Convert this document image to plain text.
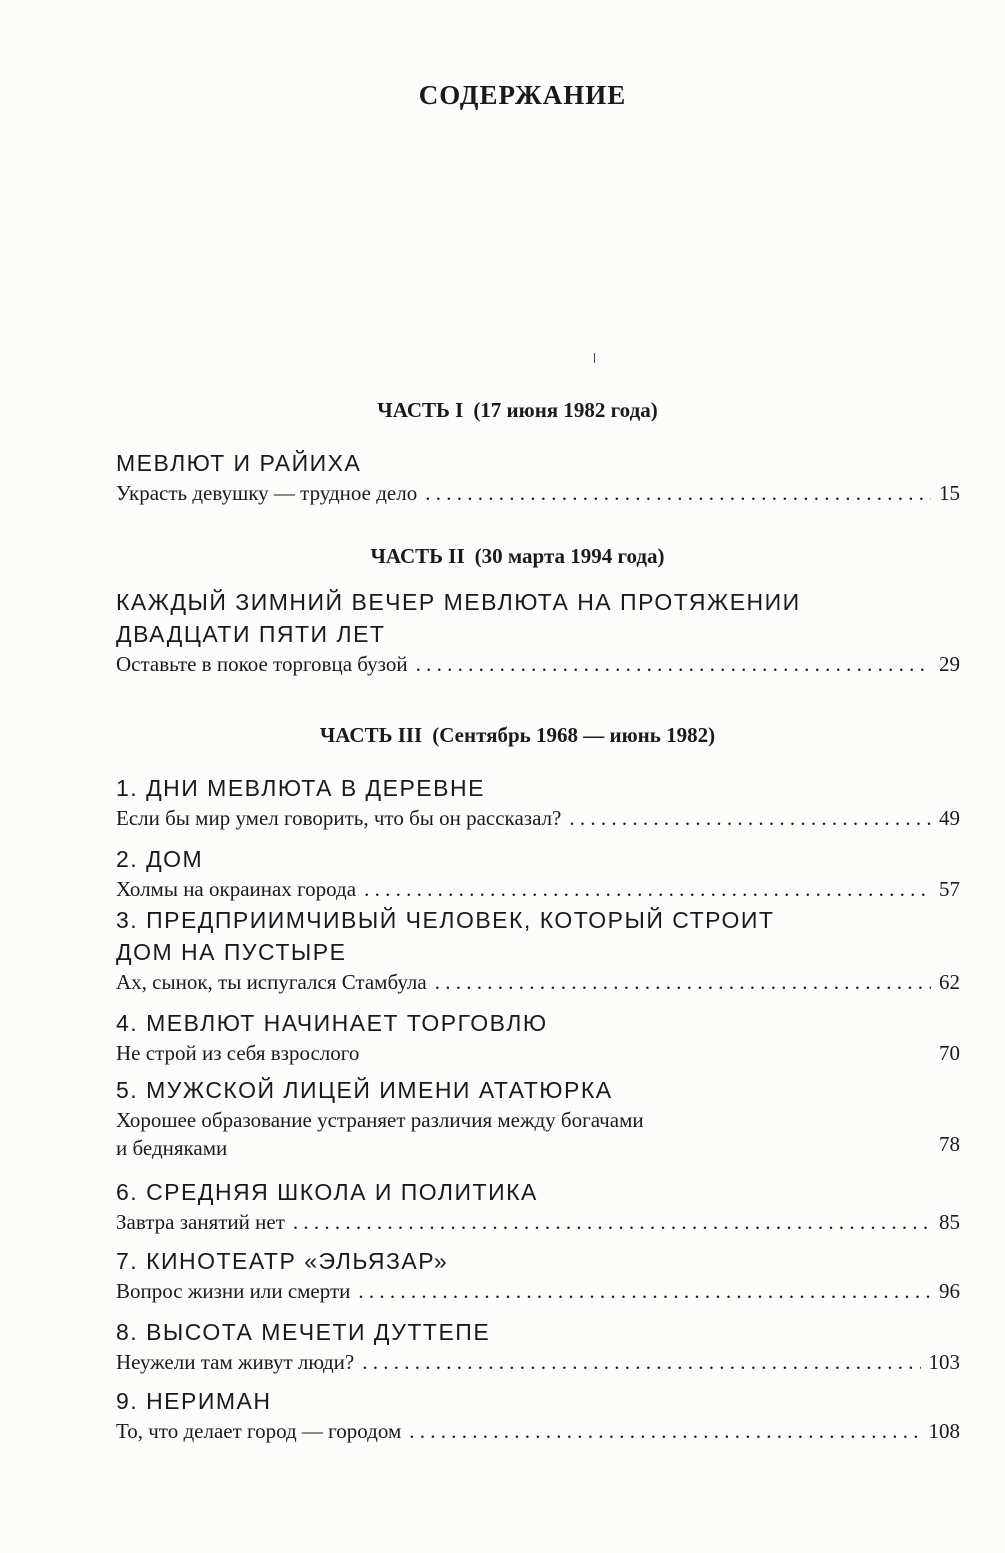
СОДЕРЖАНИЕ
ЧАСТЬ I (17 июня 1982 года)
МЕВЛЮТ И РАЙИХА
Украсть девушку — трудное дело . . .	15
ЧАСТЬ II (30 марта 1994 года)
КАЖДЫЙ ЗИМНИЙ ВЕЧЕР МЕВЛЮТА НА ПРОТЯЖЕНИИ
ДВАДЦАТИ ПЯТИ ЛЕТ
Оставьте в покое торговца бузой . . .	29
ЧАСТЬ III (Сентябрь 1968 — июнь 1982)
1. ДНИ МЕВЛЮТА В ДЕРЕВНЕ
Если бы мир умел говорить, что бы он рассказал? . . .	49
2. ДОМ
Холмы на окраинах города . . .	57
3. ПРЕДПРИИМЧИВЫЙ ЧЕЛОВЕК, КОТОРЫЙ СТРОИТ
ДОМ НА ПУСТЫРЕ
Ах, сынок, ты испугался Стамбула . . .	62
4. МЕВЛЮТ НАЧИНАЕТ ТОРГОВЛЮ
Не строй из себя взрослого	70
5. МУЖСКОЙ ЛИЦЕЙ ИМЕНИ АТАТЮРКА
Хорошее образование устраняет различия между богачами
и бедняками	78
6. СРЕДНЯЯ ШКОЛА И ПОЛИТИКА
Завтра занятий нет . . .	85
7. КИНОТЕАТР «ЭЛЬЯЗАР»
Вопрос жизни или смерти . . .	96
8. ВЫСОТА МЕЧЕТИ ДУТТЕПЕ
Неужели там живут люди? . . .	103
9. НЕРИМАН
То, что делает город — городом . . .	108
